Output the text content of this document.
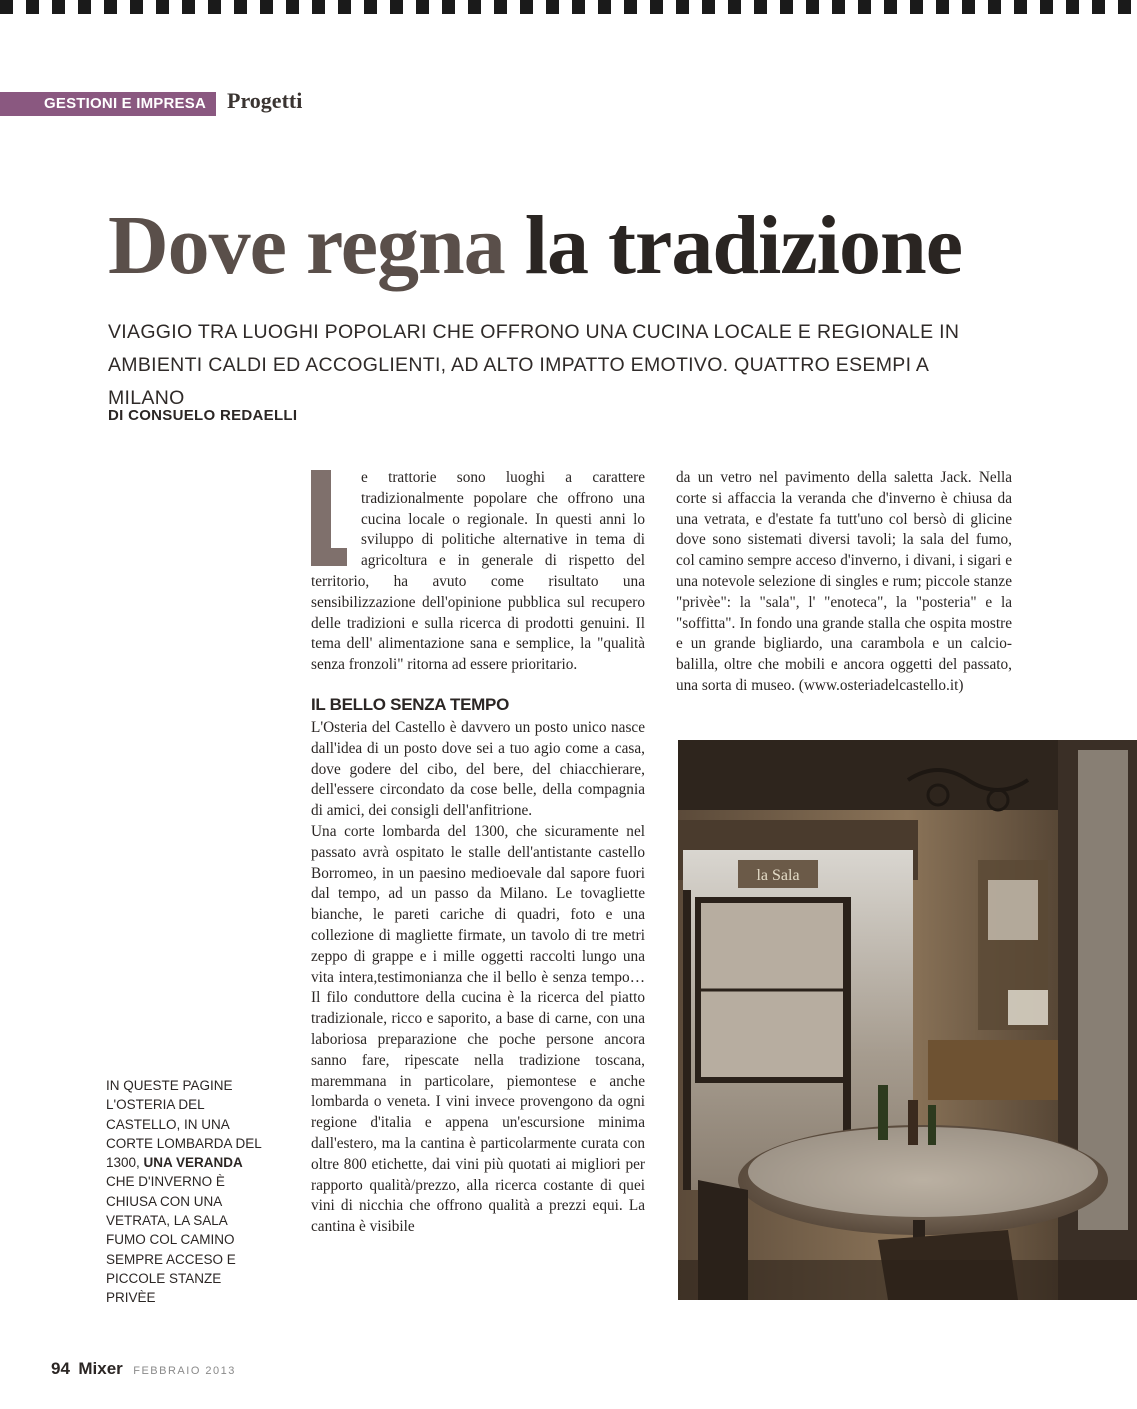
GESTIONI E IMPRESA Progetti
Dove regna la tradizione
VIAGGIO TRA LUOGHI POPOLARI CHE OFFRONO UNA CUCINA LOCALE E REGIONALE IN AMBIENTI CALDI ED ACCOGLIENTI, AD ALTO IMPATTO EMOTIVO. QUATTRO ESEMPI A MILANO
DI CONSUELO REDAELLI

e trattorie sono luoghi a carattere tradizionalmente popolare che offrono una cucina locale o regionale. In questi anni lo sviluppo di politiche alternative in tema di agricoltura e in generale di rispetto del territorio, ha avuto come risultato una sensibilizzazione dell'opinione pubblica sul recupero delle tradizioni e sulla ricerca di prodotti genuini. Il tema dell' alimentazione sana e semplice, la "qualità senza fronzoli" ritorna ad essere prioritario.

IL BELLO SENZA TEMPO

L'Osteria del Castello è davvero un posto unico nasce dall'idea di un posto dove sei a tuo agio come a casa, dove godere del cibo, del bere, del chiacchierare, dell'essere circondato da cose belle, della compagnia di amici, dei consigli dell'anfitrione.

Una corte lombarda del 1300, che sicuramente nel passato avrà ospitato le stalle dell'antistante castello Borromeo, in un paesino medioevale dal sapore fuori dal tempo, ad un passo da Milano. Le tovagliette bianche, le pareti cariche di quadri, foto e una collezione di magliette firmate, un tavolo di tre metri zeppo di grappe e i mille oggetti raccolti lungo una vita intera,testimonianza che il bello è senza tempo…Il filo conduttore della cucina è la ricerca del piatto tradizionale, ricco e saporito, a base di carne, con una laboriosa preparazione che poche persone ancora sanno fare, ripescate nella tradizione toscana, maremmana in particolare, piemontese e anche lombarda o veneta. I vini invece provengono da ogni regione d'italia e appena un'escursione minima dall'estero, ma la cantina è particolarmente curata con oltre 800 etichette, dai vini più quotati ai migliori per rapporto qualità/prezzo, alla ricerca costante di quei vini di nicchia che offrono qualità a prezzi equi. La cantina è visibile

da un vetro nel pavimento della saletta Jack. Nella corte si affaccia la veranda che d'inverno è chiusa da una vetrata, e d'estate fa tutt'uno col bersò di glicine dove sono sistemati diversi tavoli; la sala del fumo, col camino sempre acceso d'inverno, i divani, i sigari e una notevole selezione di singles e rum; piccole stanze "privèe": la "sala", l' "enoteca", la "posteria" e la "soffitta". In fondo una grande stalla che ospita mostre e un grande bigliardo, una carambola e un calcio-balilla, oltre che mobili e ancora oggetti del passato, una sorta di museo. (www.osteriadelcastello.it)

IN QUESTE PAGINE L'OSTERIA DEL CASTELLO, IN UNA CORTE LOMBARDA DEL 1300, UNA VERANDA CHE D'INVERNO È CHIUSA CON UNA VETRATA, LA SALA FUMO COL CAMINO SEMPRE ACCESO E PICCOLE STANZE PRIVÈE
la Sala
94 Mixer FEBBRAIO 2013
